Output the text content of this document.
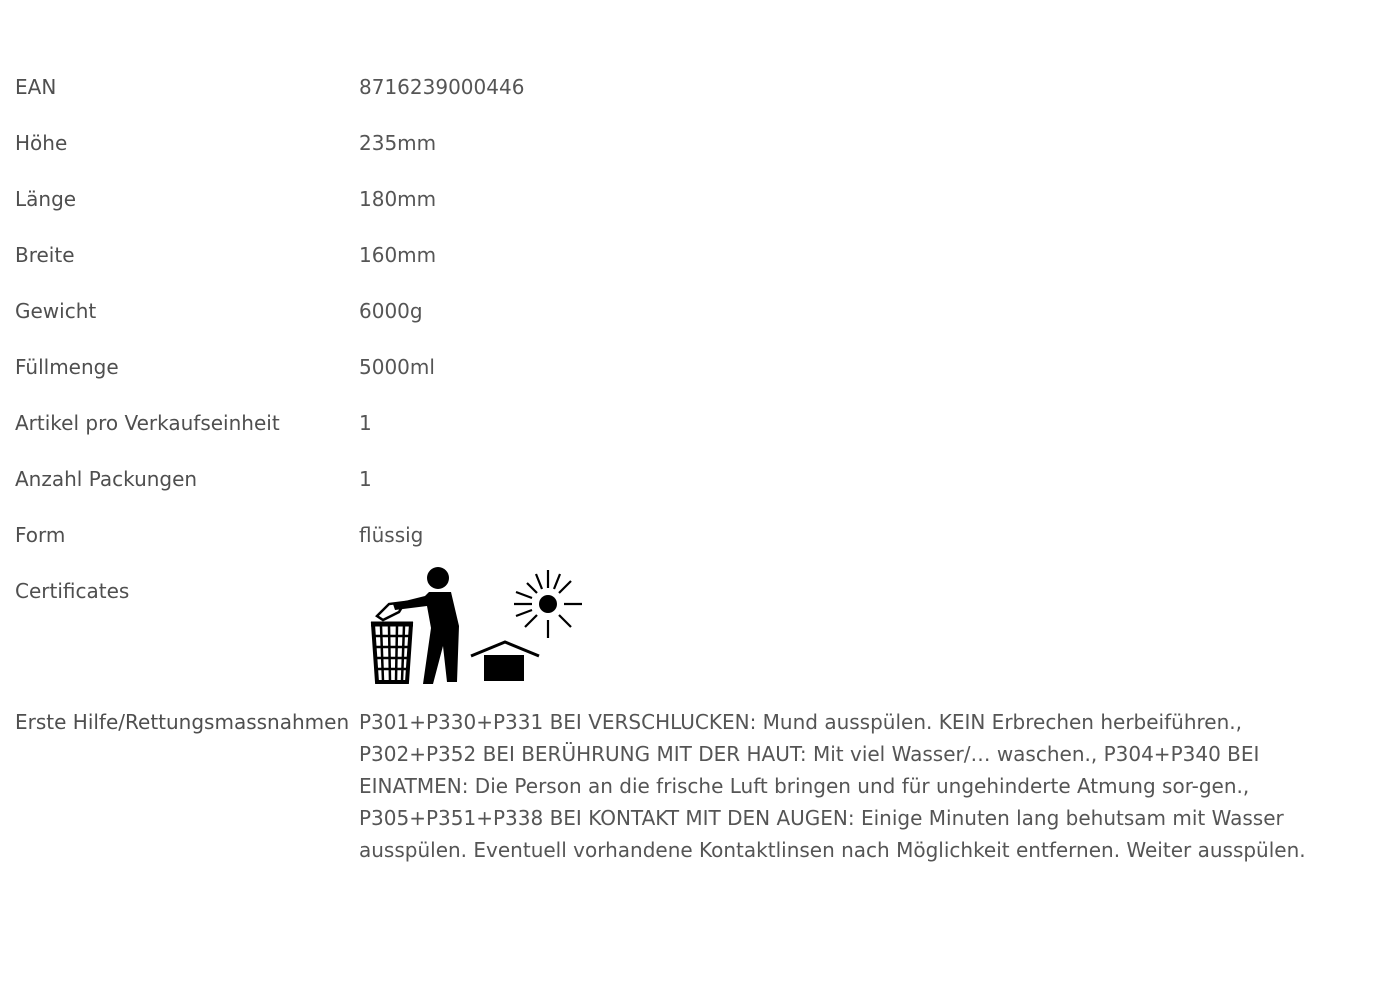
EAN	8716239000446
Höhe	235mm
Länge	180mm
Breite	160mm
Gewicht	6000g
Füllmenge	5000ml
Artikel pro Verkaufseinheit	1
Anzahl Packungen	1
Form	flüssig
Certificates
Erste Hilfe/Rettungsmassnahmen P301+P330+P331 BEI VERSCHLUCKEN: Mund ausspülen. KEIN Erbrechen herbeiführen., P302+P352 BEI BERÜHRUNG MIT DER HAUT: Mit viel Wasser/… waschen., P304+P340 BEI EINATMEN: Die Person an die frische Luft bringen und für ungehinderte Atmung sor-gen., P305+P351+P338 BEI KONTAKT MIT DEN AUGEN: Einige Minuten lang behutsam mit Wasser ausspülen. Eventuell vorhandene Kontaktlinsen nach Möglichkeit entfernen. Weiter ausspülen.
